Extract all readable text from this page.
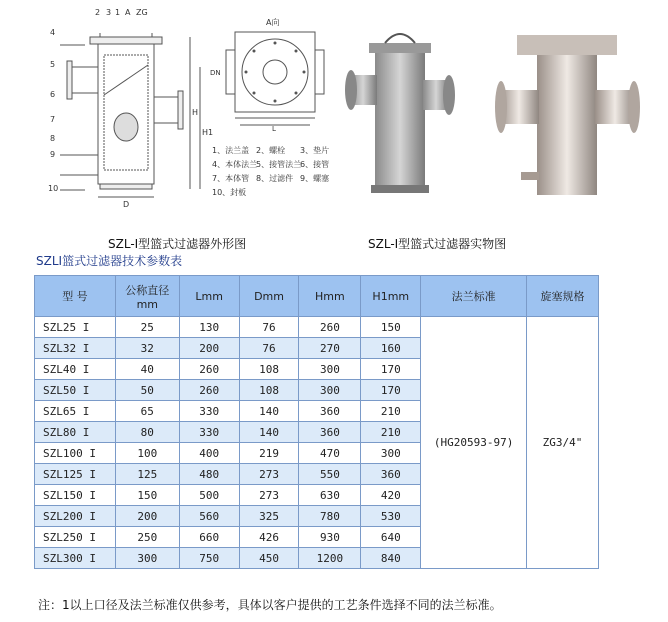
2 3 1 A ZG
4
5
6
7
8
9
10
H
H1
D
A向
DN
L
1、法兰盖 2、螺栓 3、垫片
4、本体法兰
5、接管法兰
6、接管
7、本体管 8、过滤件 9、螺塞
10、封板
SZL-I型篮式过滤器外形图	SZL-I型篮式过滤器实物图
SZLI篮式过滤器技术参数表
型 号	公称直径
mm	Lmm	Dmm	Hmm	H1mm	法兰标准	旋塞规格
SZL25 I	25	130	76	260	150	(HG20593-97)	ZG3/4"
SZL32 I	32	200	76	270	160		
SZL40 I	40	260	108	300	170		
SZL50 I	50	260	108	300	170		
SZL65 I	65	330	140	360	210		
SZL80 I	80	330	140	360	210		
SZL100 I	100	400	219	470	300		
SZL125 I	125	480	273	550	360		
SZL150 I	150	500	273	630	420		
SZL200 I	200	560	325	780	530		
SZL250 I	250	660	426	930	640		
SZL300 I	300	750	450	1200	840		
注：1以上口径及法兰标准仅供参考，具体以客户提供的工艺条件选择不同的法兰标准。
